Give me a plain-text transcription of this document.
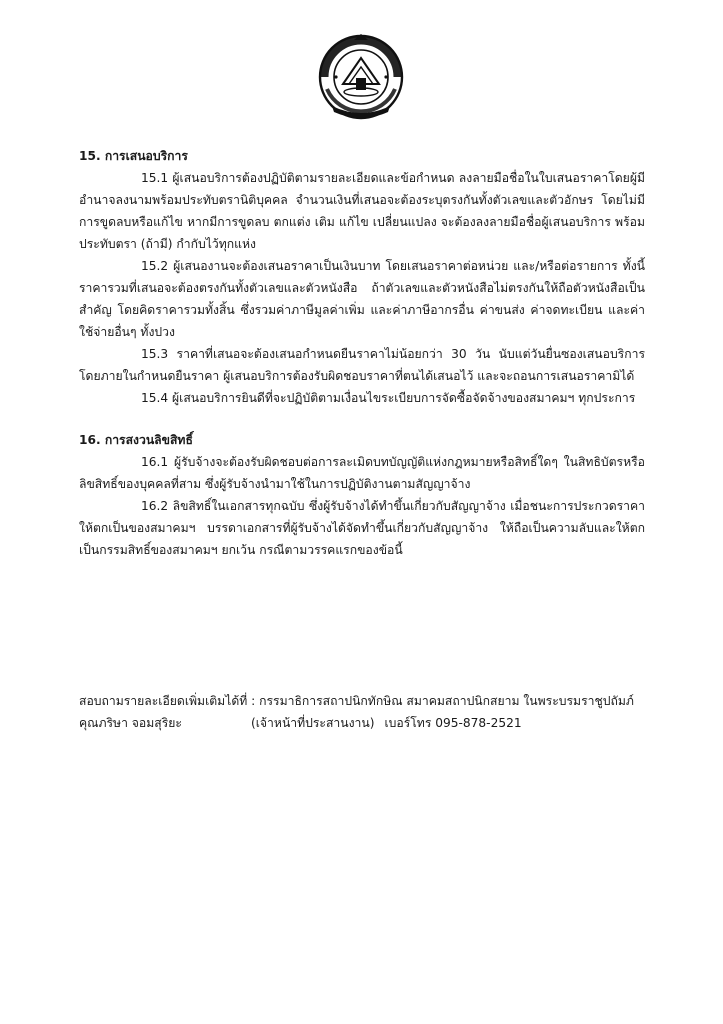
15. การเสนอบริการ

15.1 ผู้เสนอบริการต้องปฏิบัติตามรายละเอียดและข้อกำหนด ลงลายมือชื่อในใบเสนอราคาโดยผู้มีอำนาจลงนามพร้อมประทับตรานิติบุคคล จำนวนเงินที่เสนอจะต้องระบุตรงกันทั้งตัวเลขและตัวอักษร โดยไม่มีการขูดลบหรือแก้ไข หากมีการขูดลบ ตกแต่ง เติม แก้ไข เปลี่ยนแปลง จะต้องลงลายมือชื่อผู้เสนอบริการ พร้อมประทับตรา (ถ้ามี) กำกับไว้ทุกแห่ง

15.2 ผู้เสนองานจะต้องเสนอราคาเป็นเงินบาท โดยเสนอราคาต่อหน่วย และ/หรือต่อรายการ ทั้งนี้ ราคารวมที่เสนอจะต้องตรงกันทั้งตัวเลขและตัวหนังสือ ถ้าตัวเลขและตัวหนังสือไม่ตรงกันให้ถือตัวหนังสือเป็นสำคัญ โดยคิดราคารวมทั้งสิ้น ซึ่งรวมค่าภาษีมูลค่าเพิ่ม และค่าภาษีอากรอื่น ค่าขนส่ง ค่าจดทะเบียน และค่าใช้จ่ายอื่นๆ ทั้งปวง

15.3 ราคาที่เสนอจะต้องเสนอกำหนดยืนราคาไม่น้อยกว่า 30 วัน นับแต่วันยื่นซองเสนอบริการ โดยภายในกำหนดยืนราคา ผู้เสนอบริการต้องรับผิดชอบราคาที่ตนได้เสนอไว้ และจะถอนการเสนอราคามิได้

15.4 ผู้เสนอบริการยินดีที่จะปฏิบัติตามเงื่อนไขระเบียบการจัดซื้อจัดจ้างของสมาคมฯ ทุกประการ

16. การสงวนลิขสิทธิ์

16.1 ผู้รับจ้างจะต้องรับผิดชอบต่อการละเมิดบทบัญญัติแห่งกฎหมายหรือสิทธิ์ใดๆ ในสิทธิบัตรหรือลิขสิทธิ์ของบุคคลที่สาม ซึ่งผู้รับจ้างนำมาใช้ในการปฏิบัติงานตามสัญญาจ้าง

16.2 ลิขสิทธิ์ในเอกสารทุกฉบับ ซึ่งผู้รับจ้างได้ทำขึ้นเกี่ยวกับสัญญาจ้าง เมื่อชนะการประกวดราคา ให้ตกเป็นของสมาคมฯ บรรดาเอกสารที่ผู้รับจ้างได้จัดทำขึ้นเกี่ยวกับสัญญาจ้าง ให้ถือเป็นความลับและให้ตกเป็นกรรมสิทธิ์ของสมาคมฯ ยกเว้น กรณีตามวรรคแรกของข้อนี้

สอบถามรายละเอียดเพิ่มเติมได้ที่ : กรรมาธิการสถาปนิกทักษิณ สมาคมสถาปนิกสยาม ในพระบรมราชูปถัมภ์

คุณภริษา จอมสุริยะ	(เจ้าหน้าที่ประสานงาน) เบอร์โทร 095-878-2521
